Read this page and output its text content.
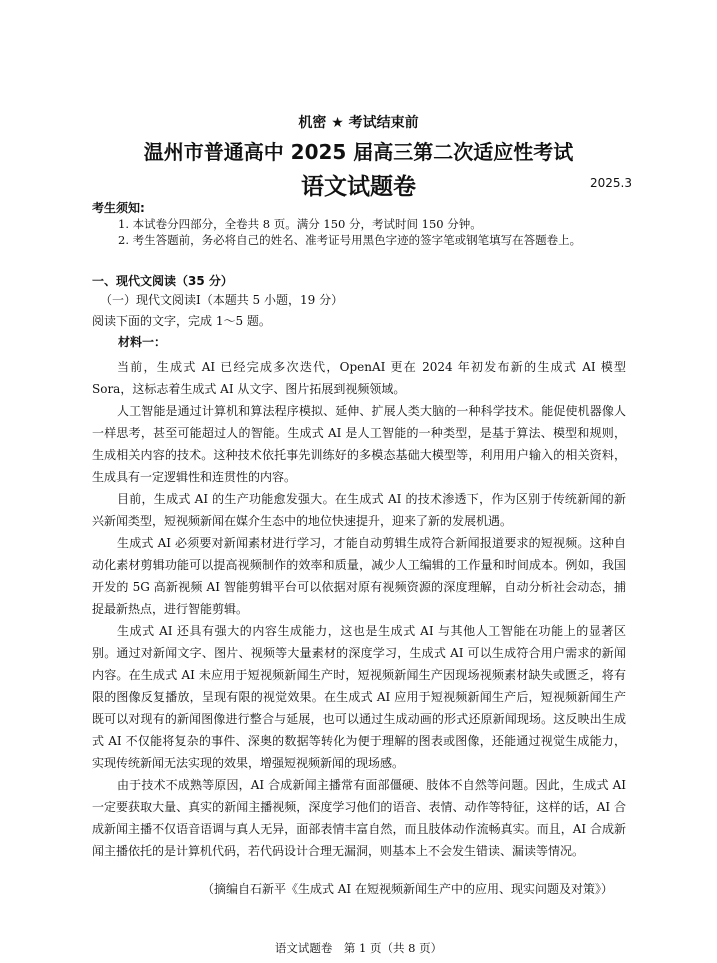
机密 ★ 考试结束前
温州市普通高中 2025 届高三第二次适应性考试
语文试题卷	2025.3
考生须知:
1. 本试卷分四部分，全卷共 8 页。满分 150 分，考试时间 150 分钟。
2. 考生答题前，务必将自己的姓名、准考证号用黑色字迹的签字笔或钢笔填写在答题卷上。
一、现代文阅读（35 分）
（一）现代文阅读Ⅰ（本题共 5 小题，19 分）
阅读下面的文字，完成 1～5 题。
材料一：
当前，生成式 AI 已经完成多次迭代，OpenAI 更在 2024 年初发布新的生成式 AI 模型 Sora，这标志着生成式 AI 从文字、图片拓展到视频领域。
人工智能是通过计算机和算法程序模拟、延伸、扩展人类大脑的一种科学技术。能促使机器像人一样思考，甚至可能超过人的智能。生成式 AI 是人工智能的一种类型，是基于算法、模型和规则，生成相关内容的技术。这种技术依托事先训练好的多模态基础大模型等，利用用户输入的相关资料，生成具有一定逻辑性和连贯性的内容。
目前，生成式 AI 的生产功能愈发强大。在生成式 AI 的技术渗透下，作为区别于传统新闻的新兴新闻类型，短视频新闻在媒介生态中的地位快速提升，迎来了新的发展机遇。
生成式 AI 必须要对新闻素材进行学习，才能自动剪辑生成符合新闻报道要求的短视频。这种自动化素材剪辑功能可以提高视频制作的效率和质量，减少人工编辑的工作量和时间成本。例如，我国开发的 5G 高新视频 AI 智能剪辑平台可以依据对原有视频资源的深度理解，自动分析社会动态，捕捉最新热点，进行智能剪辑。
生成式 AI 还具有强大的内容生成能力，这也是生成式 AI 与其他人工智能在功能上的显著区别。通过对新闻文字、图片、视频等大量素材的深度学习，生成式 AI 可以生成符合用户需求的新闻内容。在生成式 AI 未应用于短视频新闻生产时，短视频新闻生产因现场视频素材缺失或匮乏，将有限的图像反复播放，呈现有限的视觉效果。在生成式 AI 应用于短视频新闻生产后，短视频新闻生产既可以对现有的新闻图像进行整合与延展，也可以通过生成动画的形式还原新闻现场。这反映出生成式 AI 不仅能将复杂的事件、深奥的数据等转化为便于理解的图表或图像，还能通过视觉生成能力，实现传统新闻无法实现的效果，增强短视频新闻的现场感。
由于技术不成熟等原因，AI 合成新闻主播常有面部僵硬、肢体不自然等问题。因此，生成式 AI 一定要获取大量、真实的新闻主播视频，深度学习他们的语音、表情、动作等特征，这样的话，AI 合成新闻主播不仅语音语调与真人无异，面部表情丰富自然，而且肢体动作流畅真实。而且，AI 合成新闻主播依托的是计算机代码，若代码设计合理无漏洞，则基本上不会发生错读、漏读等情况。
（摘编自石新平《生成式 AI 在短视频新闻生产中的应用、现实问题及对策》）
语文试题卷　第 1 页（共 8 页）
